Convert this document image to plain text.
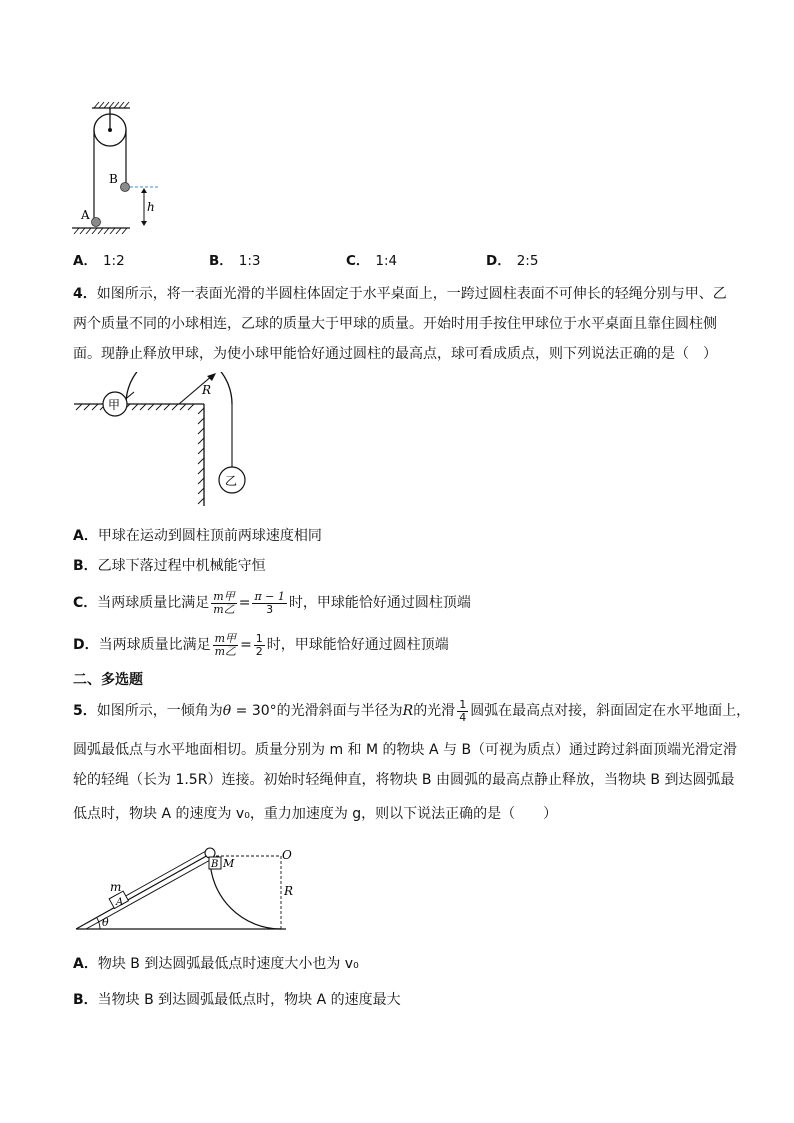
A
B
h
A． 1:2	B． 1:3	C． 1:4	D． 2:5
4．如图所示，将一表面光滑的半圆柱体固定于水平桌面上，一跨过圆柱表面不可伸长的轻绳分别与甲、乙
两个质量不同的小球相连，乙球的质量大于甲球的质量。开始时用手按住甲球位于水平桌面且靠住圆柱侧
面。现静止释放甲球，为使小球甲能恰好通过圆柱的最高点，球可看成质点，则下列说法正确的是（　）
甲
乙
R
A．甲球在运动到圆柱顶前两球速度相同
B．乙球下落过程中机械能守恒
C．当两球质量比满足 $\frac{\text{m甲}}{\text{m乙}} = \frac{\pi - 1}{3}$ 时，甲球能恰好通过圆柱顶端
D．当两球质量比满足 $\frac{\text{m甲}}{\text{m乙}} = \frac{1}{2}$ 时，甲球能恰好通过圆柱顶端
二、多选题
5．如图所示，一倾角为θ = 30°的光滑斜面与半径为R的光滑 $\frac{1}{4}$ 圆弧在最高点对接，斜面固定在水平地面上，
圆弧最低点与水平地面相切。质量分别为 m 和 M 的物块 A 与 B（可视为质点）通过跨过斜面顶端光滑定滑
轮的轻绳（长为 1.5R）连接。初始时轻绳伸直，将物块 B 由圆弧的最高点静止释放，当物块 B 到达圆弧最
低点时，物块 A 的速度为 v₀，重力加速度为 g，则以下说法正确的是（　　）
m
A
B M
O
R
θ
A．物块 B 到达圆弧最低点时速度大小也为 v₀
B．当物块 B 到达圆弧最低点时，物块 A 的速度最大
